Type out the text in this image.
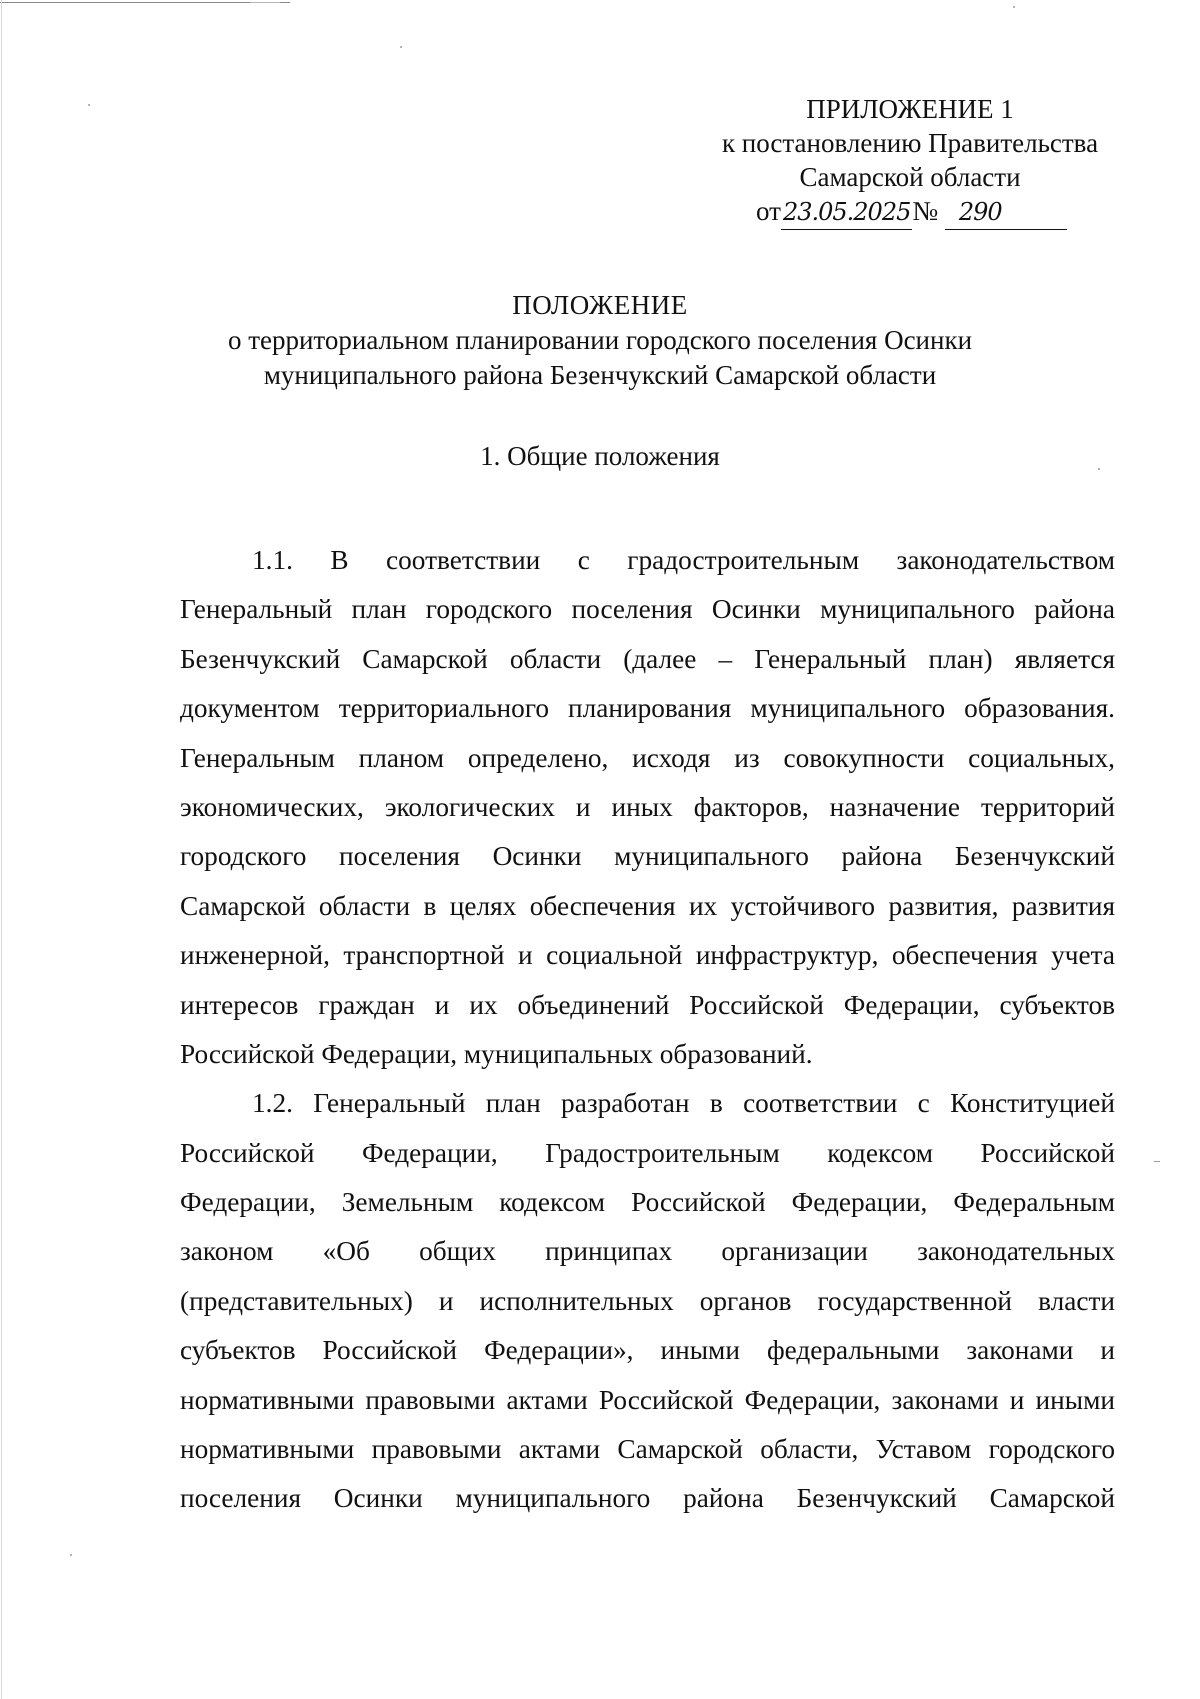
ПРИЛОЖЕНИЕ 1
к постановлению Правительства
Самарской области
от23.05.2025№ 290
ПОЛОЖЕНИЕ
о территориальном планировании городского поселения Осинки
муниципального района Безенчукский Самарской области
1. Общие положения
1.1. В соответствии с градостроительным законодательством
Генеральный план городского поселения Осинки муниципального района
Безенчукский Самарской области (далее – Генеральный план) является
документом территориального планирования муниципального образования.
Генеральным планом определено, исходя из совокупности социальных,
экономических, экологических и иных факторов, назначение территорий
городского поселения Осинки муниципального района Безенчукский
Самарской области в целях обеспечения их устойчивого развития, развития
инженерной, транспортной и социальной инфраструктур, обеспечения учета
интересов граждан и их объединений Российской Федерации, субъектов
Российской Федерации, муниципальных образований.
1.2. Генеральный план разработан в соответствии с Конституцией
Российской Федерации, Градостроительным кодексом Российской
Федерации, Земельным кодексом Российской Федерации, Федеральным
законом «Об общих принципах организации законодательных
(представительных) и исполнительных органов государственной власти
субъектов Российской Федерации», иными федеральными законами и
нормативными правовыми актами Российской Федерации, законами и иными
нормативными правовыми актами Самарской области, Уставом городского
поселения Осинки муниципального района Безенчукский Самарской
